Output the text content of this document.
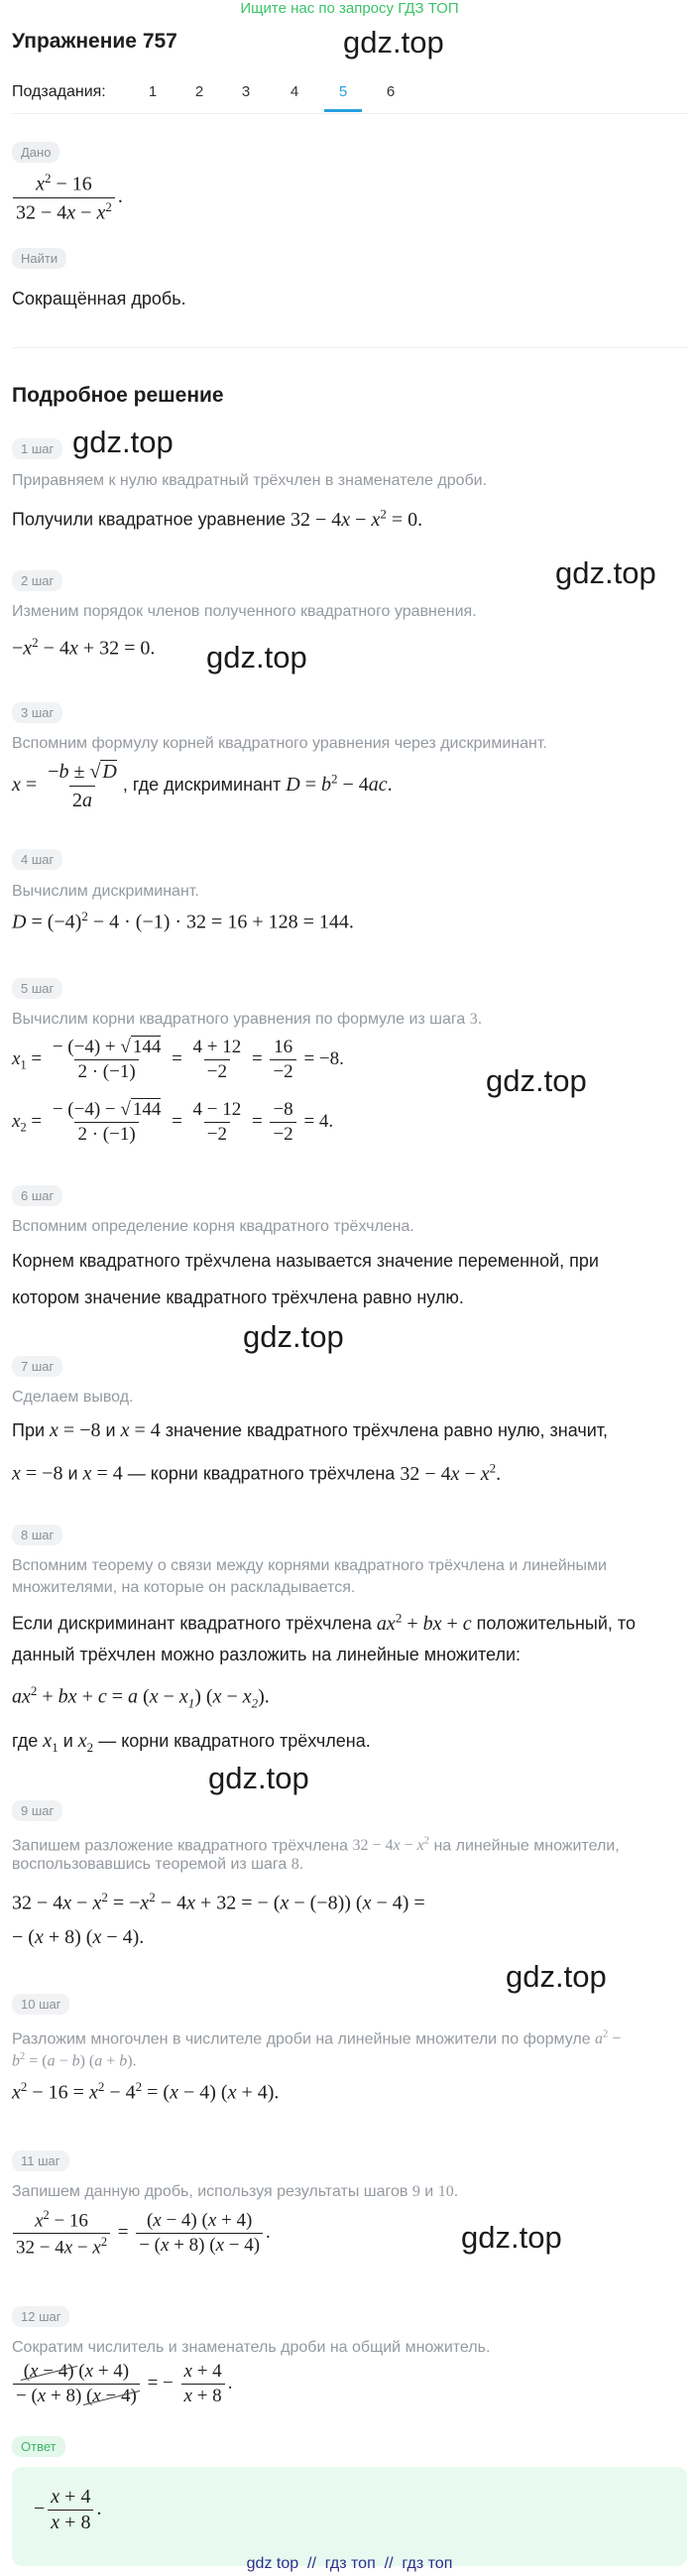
Ищите нас по запросу ГДЗ ТОП
gdz.top
gdz.top
gdz.top
gdz.top
gdz.top
gdz.top
gdz.top
gdz.top
gdz.top
Упражнение 757
Подзадания:	1	2	3	4	5	6
Дано
$\frac{x^2 - 16}{32 - 4x - x^2}$ .
Найти
Сокращённая дробь.
Подробное решение
1 шаг
Приравняем к нулю квадратный трёхчлен в знаменателе дроби.
Получили квадратное уравнение $32 - 4x - x^2 = 0$.
2 шаг
Изменим порядок членов полученного квадратного уравнения.
$-x^2 - 4x + 32 = 0$.
3 шаг
Вспомним формулу корней квадратного уравнения через дискриминант.
$x = \frac{-b \pm √ D}{2a}$ , где дискриминант $D = b^2 - 4ac$.
4 шаг
Вычислим дискриминант.
$D = (-4)^2 - 4 \cdot (-1) \cdot 32 = 16 + 128 = 144$.
5 шаг
Вычислим корни квадратного уравнения по формуле из шага 3.
$x_1 = \frac{- (-4) + √ 144}{2 \cdot (-1)} = \frac{4 + 12}{-2} = \frac{16}{-2} = -8$.
$x_2 = \frac{- (-4) - √ 144}{2 \cdot (-1)} = \frac{4 - 12}{-2} = \frac{-8}{-2} = 4$.
6 шаг
Вспомним определение корня квадратного трёхчлена.
Корнем квадратного трёхчлена называется значение переменной, при
котором значение квадратного трёхчлена равно нулю.
7 шаг
Сделаем вывод.
При x = −8 и x = 4 значение квадратного трёхчлена равно нулю, значит,
x = −8 и x = 4 — корни квадратного трёхчлена $32 - 4x - x^2$.
8 шаг
Вспомним теорему о связи между корнями квадратного трёхчлена и линейными
множителями, на которые он раскладывается.
Если дискриминант квадратного трёхчлена $ax^2$ + bx + c положительный, то
данный трёхчлен можно разложить на линейные множители:
$ax^2$ + bx + c = a $(x - x_1)$ $(x - x_2)$.
где $x_1$ и $x_2$ — корни квадратного трёхчлена.
9 шаг
Запишем разложение квадратного трёхчлена $32 - 4x - x^2$ на линейные множители,
воспользовавшись теоремой из шага 8.
$32 - 4x - x^2 = -x^2 - 4x + 32$ = − (x − (−8)) (x − 4) =
− (x + 8) (x − 4).
10 шаг
Разложим многочлен в числителе дроби на линейные множители по формуле $a^2$ −
$b^2 = (a - b) (a + b)$.
$x^2 - 16 = x^2 - 4^2 = (x - 4) (x + 4)$.
11 шаг
Запишем данную дробь, используя результаты шагов 9 и 10.
$\frac{x^2 - 16}{32 - 4x - x^2} = \frac{(x - 4) (x + 4)}{- (x + 8) (x - 4)}$ .
12 шаг
Сократим числитель и знаменатель дроби на общий множитель.
$\frac{(x - 4) (x + 4)}{- (x + 8) (x - 4)}$ = − $\frac{x + 4}{x + 8}$ .
Ответ
− $\frac{x + 4}{x + 8}$ .
gdz top  //  гдз топ  //  гдз топ
